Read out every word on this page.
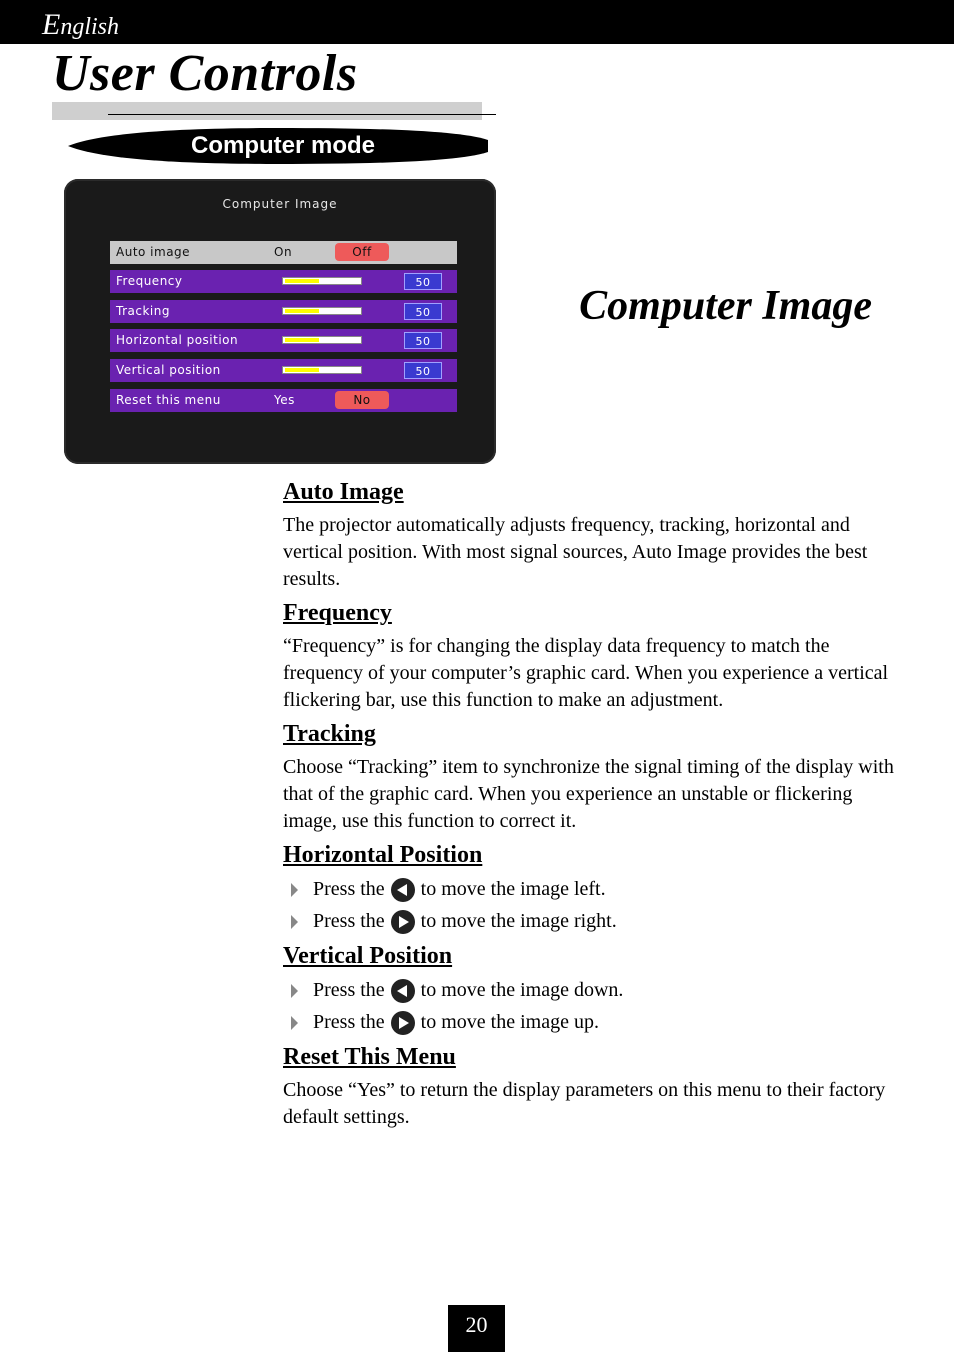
English
User Controls
Computer mode
Computer Image
Auto image	On	Off
Frequency	50
Tracking	50
Horizontal position	50
Vertical position	50
Reset this menu	Yes	No
Computer Image
Auto Image

The projector automatically adjusts frequency, tracking, horizontal and vertical position. With most signal sources, Auto Image provides the best results.

Frequency

“Frequency” is for changing the display data frequency to match the frequency of your computer’s graphic card. When you experience a vertical flickering bar, use this function to make an adjustment.

Tracking

Choose “Tracking” item to synchronize the signal timing of the display with that of the graphic card. When you experience an unstable or flickering image, use this function to correct it.

Horizontal Position
Press the to move the image left.
Press the to move the image right.
Vertical Position
Press the to move the image down.
Press the to move the image up.
Reset This Menu

Choose “Yes” to return the display parameters on this menu to their factory default settings.

20
